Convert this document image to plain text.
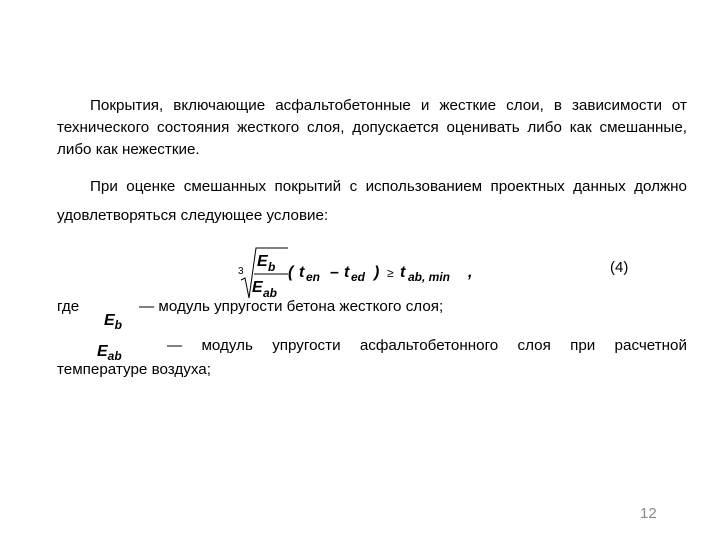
Покрытия, включающие асфальтобетонные и жесткие слои, в зависимости от технического состояния жесткого слоя, допускается оценивать либо как смешанные, либо как нежесткие.

При оценке смешанных покрытий с использованием проектных данных должно удовлетворяться следующее условие:

3
E b
E ab
( t en – t ed ) ≥ t ab, min ,	(4)
где
$E_b$
— модуль упругости бетона жесткого слоя;
$E_{ab}$

— модуль упругости асфальтобетонного слоя при расчетной температуре воздуха;

12
